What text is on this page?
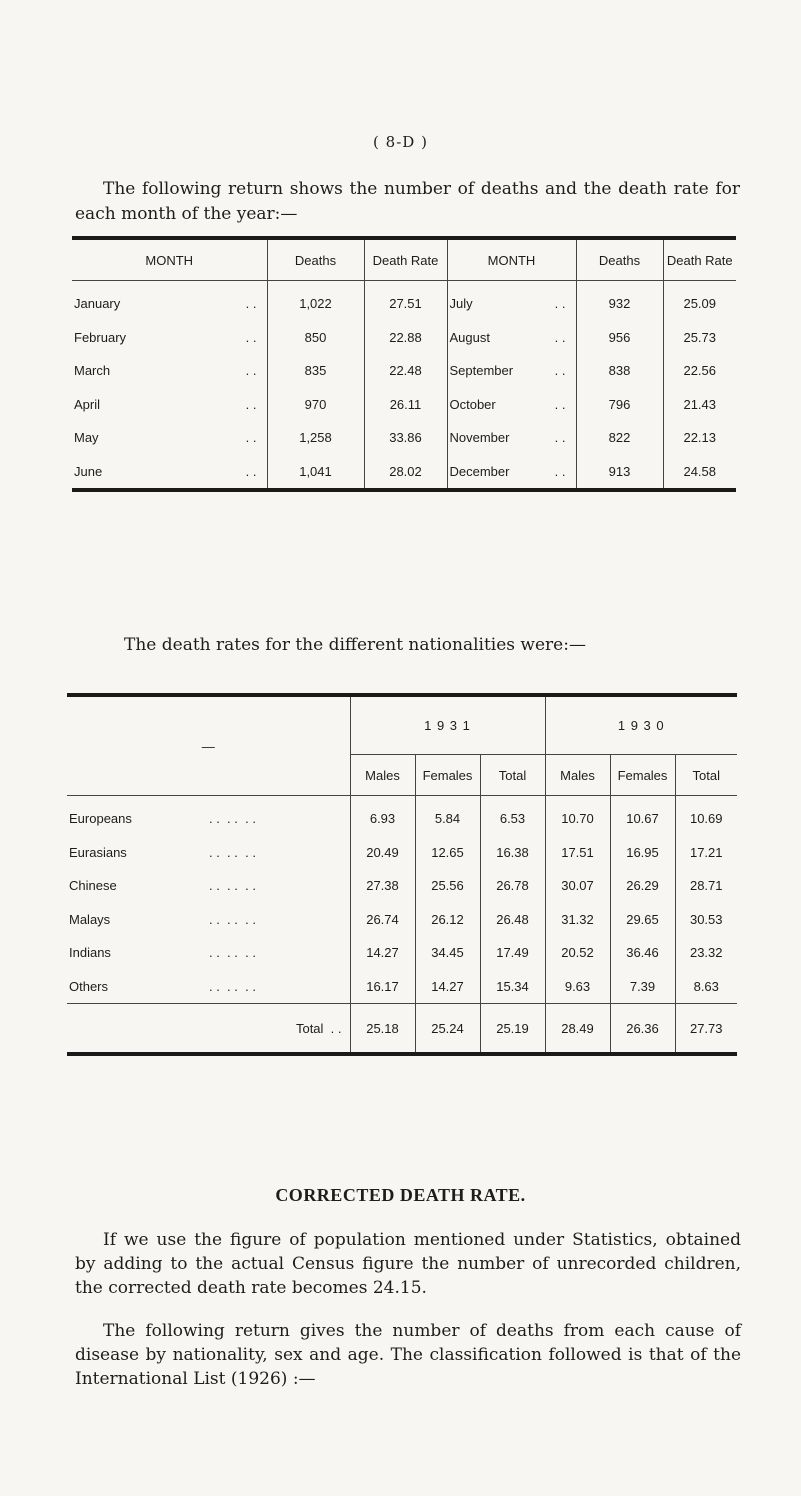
( 8-D )
The following return shows the number of deaths and the death rate for each month of the year:—
MONTH		Deaths	Death Rate	MONTH		Deaths	Death Rate
January	. .	1,022	27.51	July	. .	932	25.09
February	. .	850	22.88	August	. .	956	25.73
March	. .	835	22.48	September	. .	838	22.56
April	. .	970	26.11	October	. .	796	21.43
May	. .	1,258	33.86	November	. .	822	22.13
June	. .	1,041	28.02	December	. .	913	24.58
The death rates for the different nationalities were:—
—	1 9 3 1			1 9 3 0		
	Males	Females	Total	Males	Females	Total
Europeans . .  . .  . .	6.93	5.84	6.53	10.70	10.67	10.69
Eurasians . .  . .  . .	20.49	12.65	16.38	17.51	16.95	17.21
Chinese . .  . .  . .	27.38	25.56	26.78	30.07	26.29	28.71
Malays . .  . .  . .	26.74	26.12	26.48	31.32	29.65	30.53
Indians . .  . .  . .	14.27	34.45	17.49	20.52	36.46	23.32
Others . .  . .  . .	16.17	14.27	15.34	9.63	7.39	8.63
Total  . .	25.18	25.24	25.19	28.49	26.36	27.73
CORRECTED DEATH RATE.
If we use the figure of population mentioned under Statistics, obtained by adding to the actual Census figure the number of unrecorded children, the corrected death rate becomes 24.15.
The following return gives the number of deaths from each cause of disease by nationality, sex and age. The classification followed is that of the International List (1926) :—
